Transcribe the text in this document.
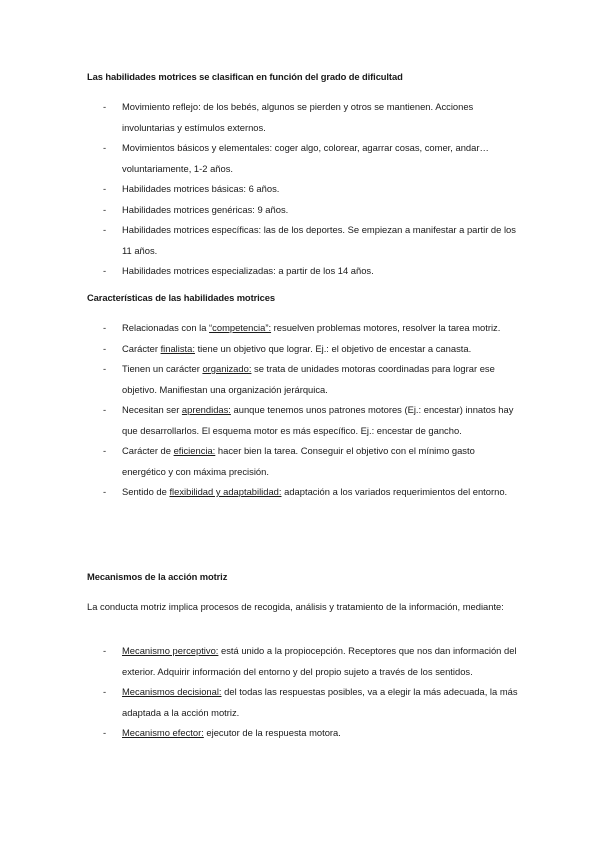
Las habilidades motrices se clasifican en función del grado de dificultad
- Movimiento reflejo: de los bebés, algunos se pierden y otros se mantienen. Acciones involuntarias y estímulos externos.
- Movimientos básicos y elementales: coger algo, colorear, agarrar cosas, comer, andar… voluntariamente, 1-2 años.
- Habilidades motrices básicas: 6 años.
- Habilidades motrices genéricas: 9 años.
- Habilidades motrices específicas: las de los deportes. Se empiezan a manifestar a partir de los 11 años.
- Habilidades motrices especializadas: a partir de los 14 años.
Características de las habilidades motrices
- Relacionadas con la “competencia”: resuelven problemas motores, resolver la tarea motriz.
- Carácter finalista: tiene un objetivo que lograr. Ej.: el objetivo de encestar a canasta.
- Tienen un carácter organizado: se trata de unidades motoras coordinadas para lograr ese objetivo. Manifiestan una organización jerárquica.
- Necesitan ser aprendidas: aunque tenemos unos patrones motores (Ej.: encestar) innatos hay que desarrollarlos. El esquema motor es más específico. Ej.: encestar de gancho.
- Carácter de eficiencia: hacer bien la tarea. Conseguir el objetivo con el mínimo gasto energético y con máxima precisión.
- Sentido de flexibilidad y adaptabilidad: adaptación a los variados requerimientos del entorno.
Mecanismos de la acción motriz
La conducta motriz implica procesos de recogida, análisis y tratamiento de la información, mediante:
- Mecanismo perceptivo: está unido a la propiocepción. Receptores que nos dan información del exterior. Adquirir información del entorno y del propio sujeto a través de los sentidos.
- Mecanismos decisional: del todas las respuestas posibles, va a elegir la más adecuada, la más adaptada a la acción motriz.
- Mecanismo efector: ejecutor de la respuesta motora.
